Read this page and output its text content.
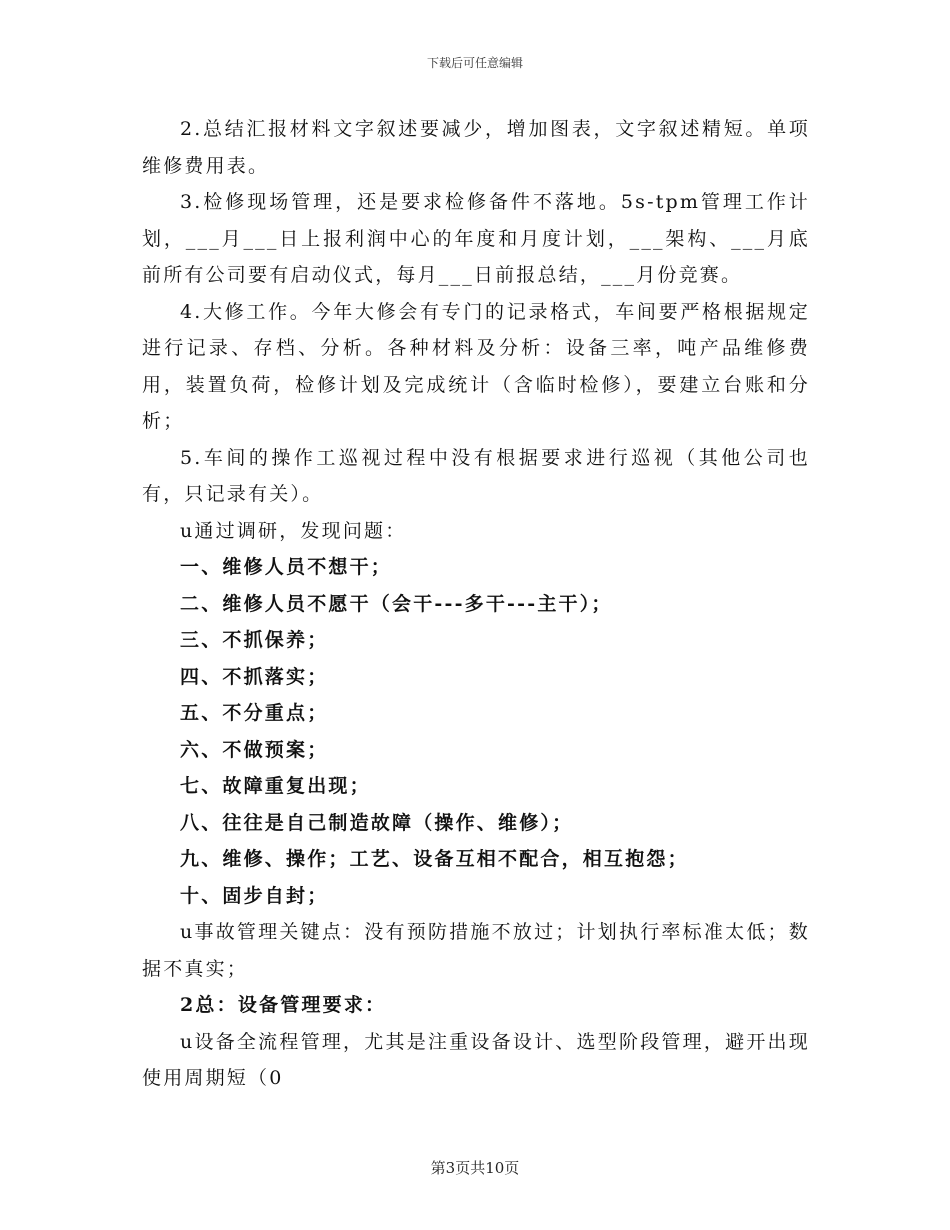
下载后可任意编辑

2.总结汇报材料文字叙述要减少，增加图表，文字叙述精短。单项维修费用表。

3.检修现场管理，还是要求检修备件不落地。5s-tpm管理工作计划，___月___日上报利润中心的年度和月度计划，___架构、___月底前所有公司要有启动仪式，每月___日前报总结，___月份竞赛。

4.大修工作。今年大修会有专门的记录格式，车间要严格根据规定进行记录、存档、分析。各种材料及分析：设备三率，吨产品维修费用，装置负荷，检修计划及完成统计（含临时检修），要建立台账和分析；

5.车间的操作工巡视过程中没有根据要求进行巡视（其他公司也有，只记录有关）。

u通过调研，发现问题：

一、维修人员不想干；

二、维修人员不愿干（会干---多干---主干）；

三、不抓保养；

四、不抓落实；

五、不分重点；

六、不做预案；

七、故障重复出现；

八、往往是自己制造故障（操作、维修）；

九、维修、操作；工艺、设备互相不配合，相互抱怨；

十、固步自封；

u事故管理关键点：没有预防措施不放过；计划执行率标准太低；数据不真实；

2总：设备管理要求：

u设备全流程管理，尤其是注重设备设计、选型阶段管理，避开出现使用周期短（0

第3页共10页
